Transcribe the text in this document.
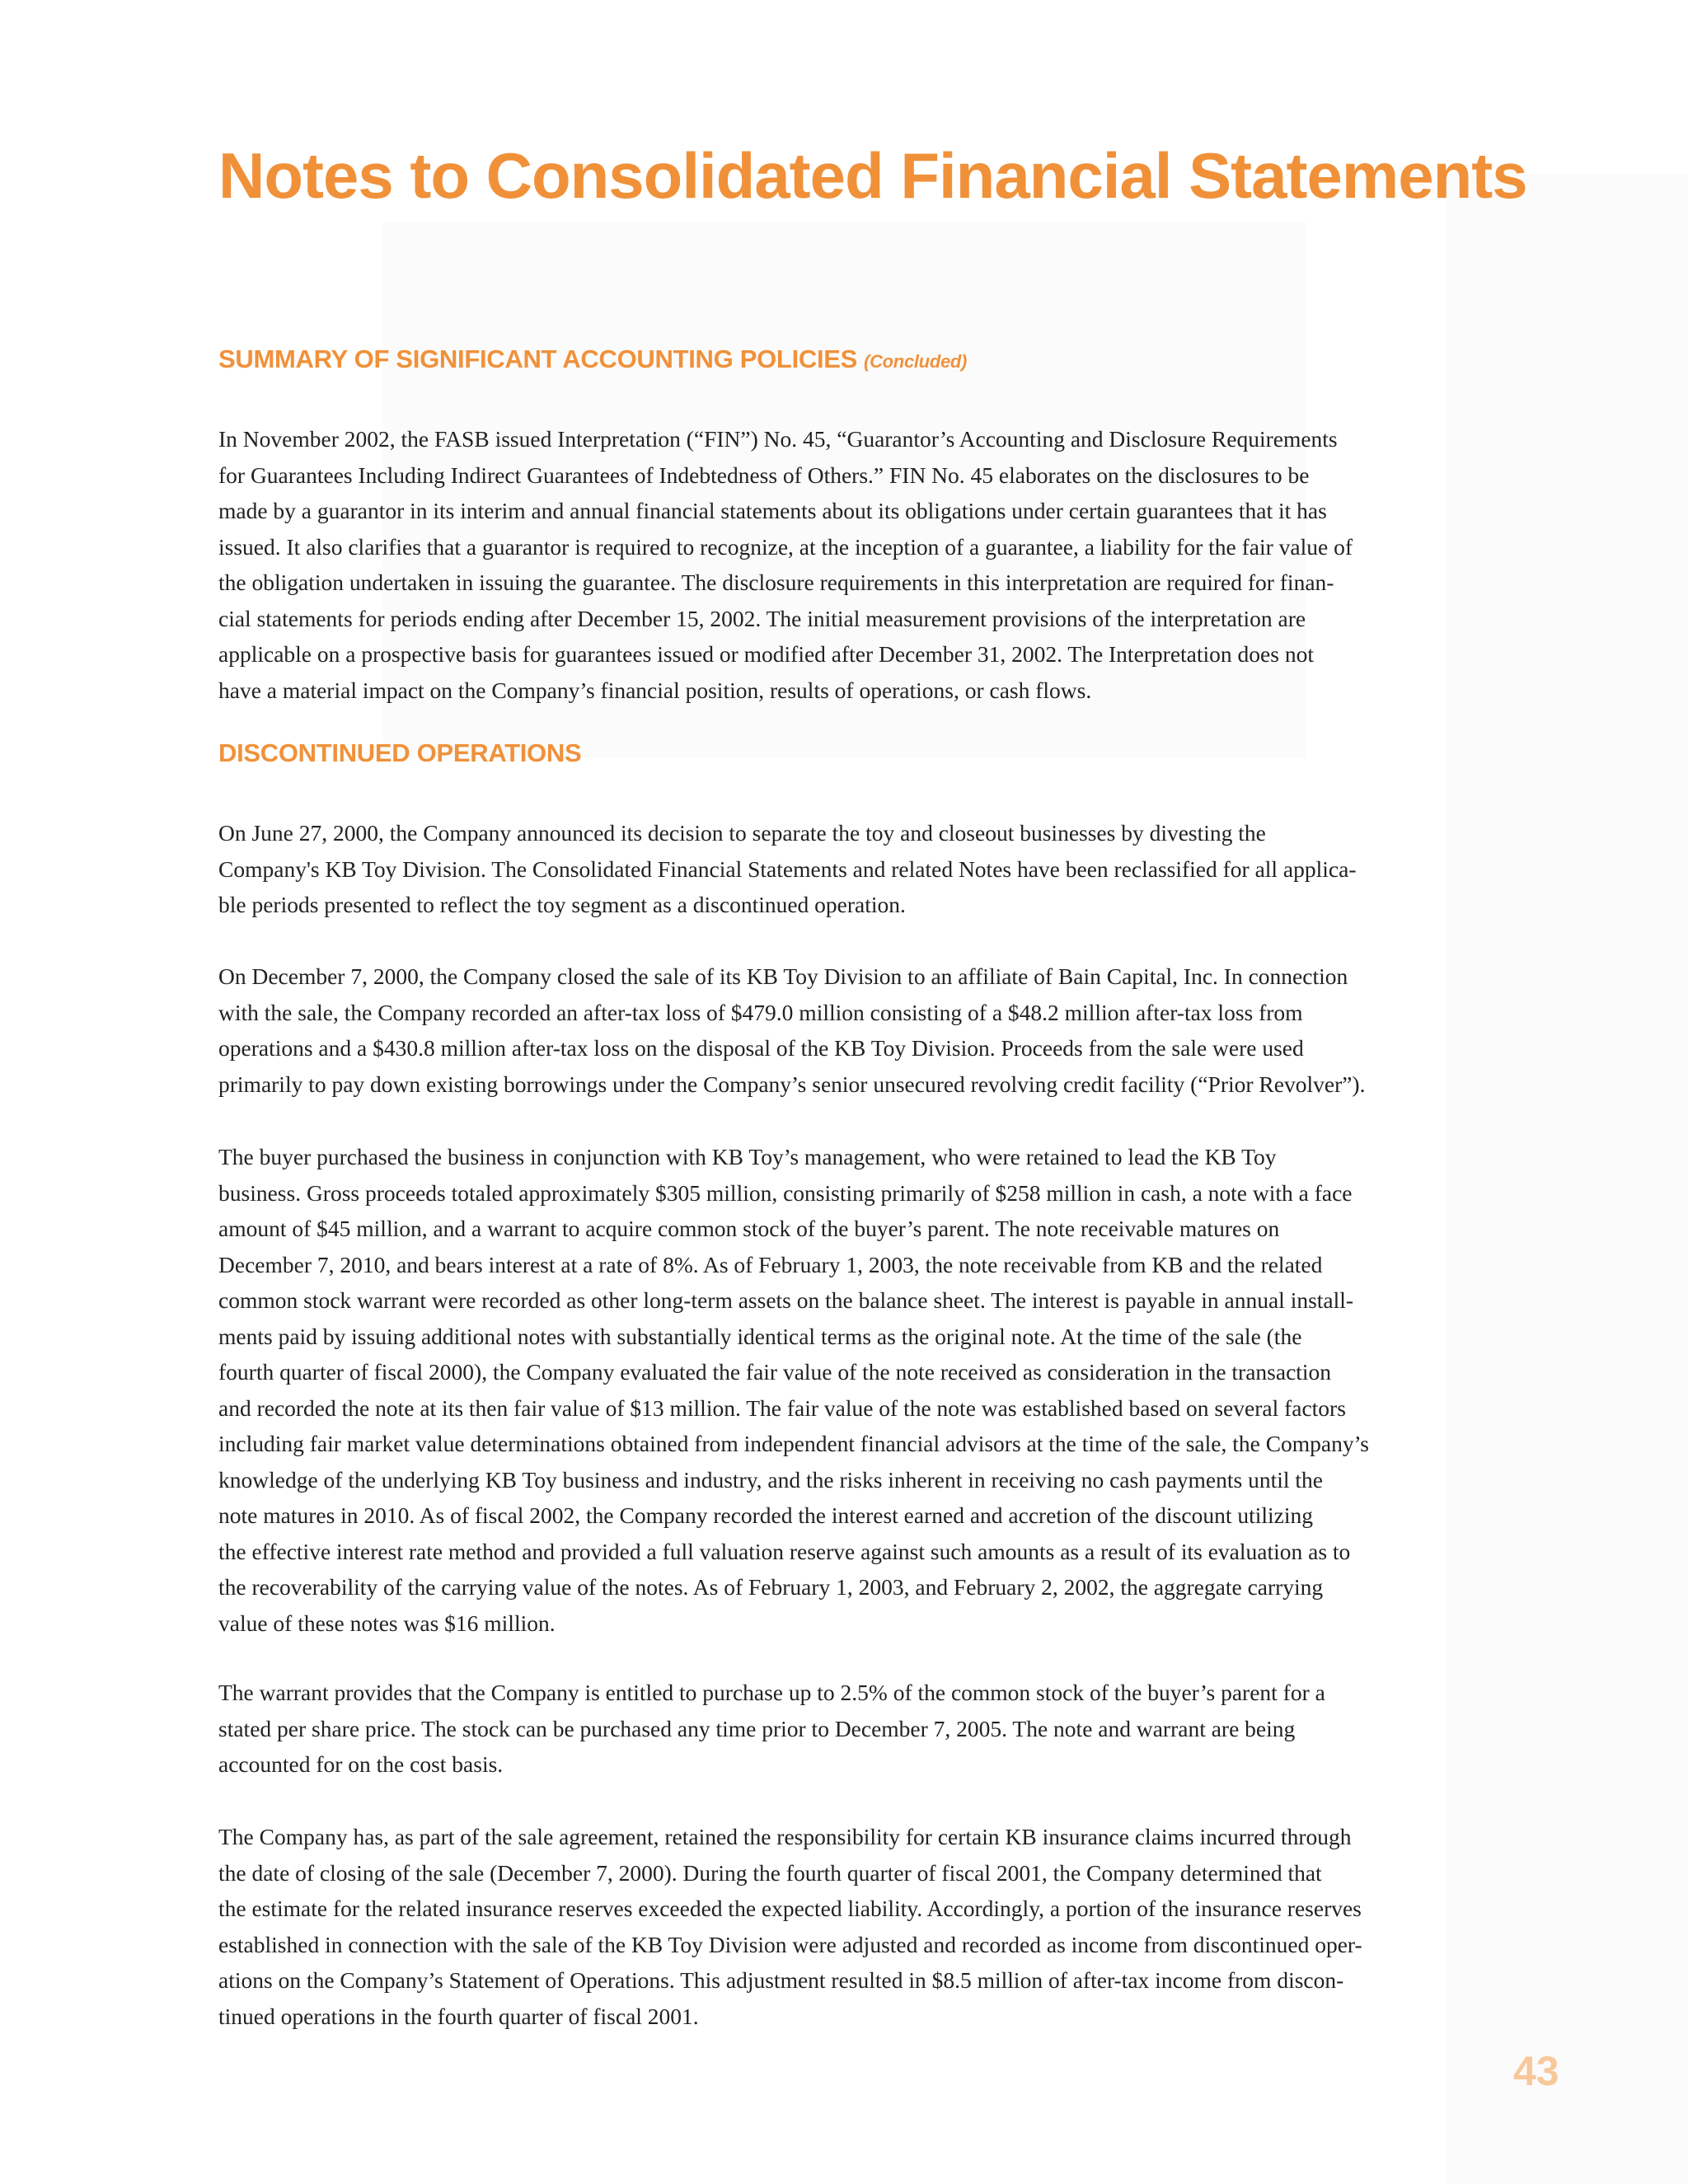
Notes to Consolidated Financial Statements
SUMMARY OF SIGNIFICANT ACCOUNTING POLICIES (Concluded)

In November 2002, the FASB issued Interpretation (“FIN”) No. 45, “Guarantor’s Accounting and Disclosure Requirements
for Guarantees Including Indirect Guarantees of Indebtedness of Others.” FIN No. 45 elaborates on the disclosures to be
made by a guarantor in its interim and annual financial statements about its obligations under certain guarantees that it has
issued. It also clarifies that a guarantor is required to recognize, at the inception of a guarantee, a liability for the fair value of
the obligation undertaken in issuing the guarantee. The disclosure requirements in this interpretation are required for finan-
cial statements for periods ending after December 15, 2002. The initial measurement provisions of the interpretation are
applicable on a prospective basis for guarantees issued or modified after December 31, 2002. The Interpretation does not
have a material impact on the Company’s financial position, results of operations, or cash flows.

DISCONTINUED OPERATIONS

On June 27, 2000, the Company announced its decision to separate the toy and closeout businesses by divesting the
Company's KB Toy Division. The Consolidated Financial Statements and related Notes have been reclassified for all applica-
ble periods presented to reflect the toy segment as a discontinued operation.

On December 7, 2000, the Company closed the sale of its KB Toy Division to an affiliate of Bain Capital, Inc. In connection
with the sale, the Company recorded an after-tax loss of $479.0 million consisting of a $48.2 million after-tax loss from
operations and a $430.8 million after-tax loss on the disposal of the KB Toy Division. Proceeds from the sale were used
primarily to pay down existing borrowings under the Company’s senior unsecured revolving credit facility (“Prior Revolver”).

The buyer purchased the business in conjunction with KB Toy’s management, who were retained to lead the KB Toy
business. Gross proceeds totaled approximately $305 million, consisting primarily of $258 million in cash, a note with a face
amount of $45 million, and a warrant to acquire common stock of the buyer’s parent. The note receivable matures on
December 7, 2010, and bears interest at a rate of 8%. As of February 1, 2003, the note receivable from KB and the related
common stock warrant were recorded as other long-term assets on the balance sheet. The interest is payable in annual install-
ments paid by issuing additional notes with substantially identical terms as the original note. At the time of the sale (the
fourth quarter of fiscal 2000), the Company evaluated the fair value of the note received as consideration in the transaction
and recorded the note at its then fair value of $13 million. The fair value of the note was established based on several factors
including fair market value determinations obtained from independent financial advisors at the time of the sale, the Company’s
knowledge of the underlying KB Toy business and industry, and the risks inherent in receiving no cash payments until the
note matures in 2010. As of fiscal 2002, the Company recorded the interest earned and accretion of the discount utilizing
the effective interest rate method and provided a full valuation reserve against such amounts as a result of its evaluation as to
the recoverability of the carrying value of the notes. As of February 1, 2003, and February 2, 2002, the aggregate carrying
value of these notes was $16 million.

The warrant provides that the Company is entitled to purchase up to 2.5% of the common stock of the buyer’s parent for a
stated per share price. The stock can be purchased any time prior to December 7, 2005. The note and warrant are being
accounted for on the cost basis.

The Company has, as part of the sale agreement, retained the responsibility for certain KB insurance claims incurred through
the date of closing of the sale (December 7, 2000). During the fourth quarter of fiscal 2001, the Company determined that
the estimate for the related insurance reserves exceeded the expected liability. Accordingly, a portion of the insurance reserves
established in connection with the sale of the KB Toy Division were adjusted and recorded as income from discontinued oper-
ations on the Company’s Statement of Operations. This adjustment resulted in $8.5 million of after-tax income from discon-
tinued operations in the fourth quarter of fiscal 2001.

43
